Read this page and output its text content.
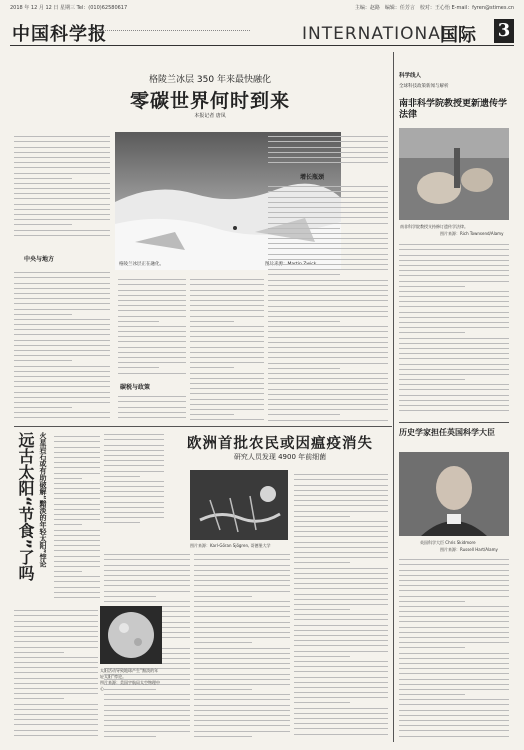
2018 年 12 月 12 日 星期三 Tel：(010)62580617	主编：赵路　编辑：任芳言　校对：王心怡 E-mail：fyren@stimes.cn
中国科学报	INTERNATIONAL
国际 3
格陵兰冰层 350 年来最快融化
零碳世界何时到来
本报记者 唐凤
中央与地方
格陵兰冰层正在融化。	图片来源：Martin Zwick
碳税与政策
增长瓶颈
科学线人
全球科技政策新闻与解析
南非科学院教授更新遗传学法律
南非科学院教授支持修订遗传学法律。
图片来源：Rich Townsend/Alamy
历史学家担任英国科学大臣
英国科学大臣 Chris Skidmore
图片来源：Russell Hart/Alamy
欧洲首批农民或因瘟疫消失
研究人员发现 4900 年前细菌
图片来源：Karl-Göran Sjögren, 哥德堡大学
远古太阳“节食”了吗 火星岩石或有助破解“黯淡的年轻太阳”悖论
太阳活动导致地球产生“黯淡的年轻太阳”悖论。
图片来源：美国宇航局太空物理中心
